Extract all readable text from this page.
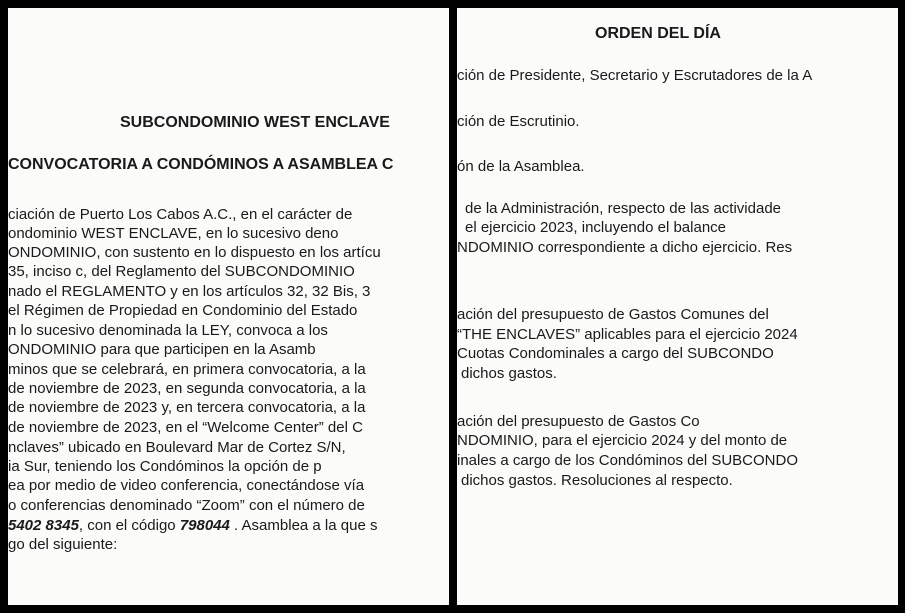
SUBCONDOMINIO WEST ENCLAVE
CONVOCATORIA A CONDÓMINOS A ASAMBLEA C
ciación de Puerto Los Cabos A.C., en el carácter de
ondominio WEST ENCLAVE, en lo sucesivo deno
ONDOMINIO, con sustento en lo dispuesto en los artícu
35, inciso c, del Reglamento del SUBCONDOMINIO
nado el REGLAMENTO y en los artículos 32, 32 Bis, 3
el Régimen de Propiedad en Condominio del Estado
n lo sucesivo denominada la LEY, convoca a los
ONDOMINIO para que participen en la Asamb
minos que se celebrará, en primera convocatoria, a la
de noviembre de 2023, en segunda convocatoria, a la
de noviembre de 2023 y, en tercera convocatoria, a la
de noviembre de 2023, en el “Welcome Center” del C
nclaves” ubicado en Boulevard Mar de Cortez S/N,
ia Sur, teniendo los Condóminos la opción de p
ea por medio de video conferencia, conectándose vía
o conferencias denominado “Zoom” con el número de
5402 8345, con el código 798044 . Asamblea a la que s
go del siguiente:
ORDEN DEL DÍA
ción de Presidente, Secretario y Escrutadores de la A
ción de Escrutinio.
ón de la Asamblea.
de la Administración, respecto de las actividade
el ejercicio 2023, incluyendo el balance
NDOMINIO correspondiente a dicho ejercicio. Res
ación del presupuesto de Gastos Comunes del
“THE ENCLAVES” aplicables para el ejercicio 2024
Cuotas Condominales a cargo del SUBCONDO
dichos gastos.
ación del presupuesto de Gastos Co
NDOMINIO, para el ejercicio 2024 y del monto de
inales a cargo de los Condóminos del SUBCONDO
dichos gastos. Resoluciones al respecto.
